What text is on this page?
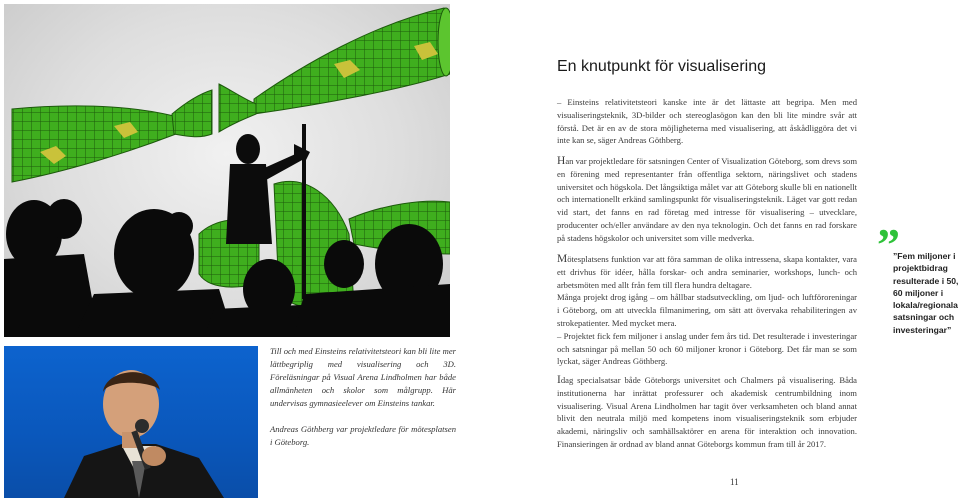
Till och med Einsteins relativitetsteori kan bli lite mer lättbegriplig med visualisering och 3D. Föreläsningar på Visual Arena Lindholmen har både allmänheten och skolor som målgrupp. Här undervisas gymnasieelever om Einsteins tankar.

Andreas Göthberg var projektledare för mötesplatsen i Göteborg.

En knutpunkt för visualisering

– Einsteins relativitetsteori kanske inte är det lättaste att begripa. Men med visualiseringsteknik, 3D-bilder och stereoglasögon kan den bli lite mindre svår att förstå. Det är en av de stora möjligheterna med visualisering, att åskådliggöra det vi inte kan se, säger Andreas Göthberg.

Han var projektledare för satsningen Center of Visualization Göteborg, som drevs som en förening med representanter från offentliga sektorn, näringslivet och stadens universitet och högskola. Det långsiktiga målet var att Göteborg skulle bli en nationellt och internationellt erkänd samlingspunkt för visualiseringsteknik. Läget var gott redan vid start, det fanns en rad företag med intresse för visualisering – utvecklare, producenter och/eller användare av den nya teknologin. Och det fanns en rad forskare på stadens högskolor och universitet som ville medverka.

Mötesplatsens funktion var att föra samman de olika intressena, skapa kontakter, vara ett drivhus för idéer, hålla forskar- och andra seminarier, workshops, lunch- och arbetsmöten med allt från fem till flera hundra deltagare.

Många projekt drog igång – om hållbar stadsutveckling, om ljud- och luftföroreningar i Göteborg, om att utveckla filmanimering, om sätt att övervaka rehabiliteringen av strokepatienter. Med mycket mera.

– Projektet fick fem miljoner i anslag under fem års tid. Det resulterade i investeringar och satsningar på mellan 50 och 60 miljoner kronor i Göteborg. Det får man se som lyckat, säger Andreas Göthberg.

Idag specialsatsar både Göteborgs universitet och Chalmers på visualisering. Båda institutionerna har inrättat professurer och akademisk centrumbildning inom visualisering. Visual Arena Lindholmen har tagit över verksamheten och bland annat blivit den neutrala miljö med kompetens inom visualiseringsteknik som erbjuder akademi, näringsliv och samhällsaktörer en arena för interaktion och innovation. Finansieringen är ordnad av bland annat Göteborgs kommun fram till år 2017.

”
”Fem miljoner i projektbidrag resulterade i 50, 60 miljoner i lokala/regionala satsningar och investeringar”
11
